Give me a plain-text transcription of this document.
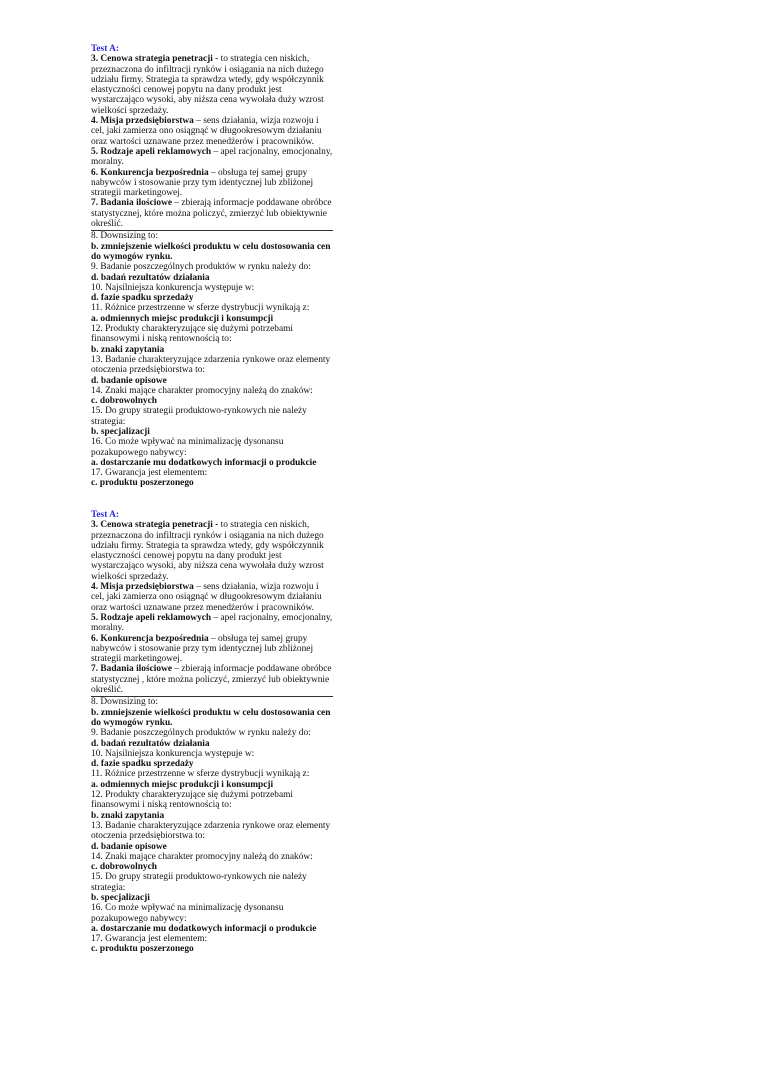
Test A:

3. Cenowa strategia penetracji - to strategia cen niskich, przeznaczona do infiltracji rynków i osiągania na nich dużego udziału firmy. Strategia ta sprawdza wtedy, gdy współczynnik elastyczności cenowej popytu na dany produkt jest wystarczająco wysoki, aby niższa cena wywołała duży wzrost wielkości sprzedaży.

4. Misja przedsiębiorstwa – sens działania, wizja rozwoju i cel, jaki zamierza ono osiągnąć w długookresowym działaniu oraz wartości uznawane przez menedżerów i pracowników.

5. Rodzaje apeli reklamowych – apel racjonalny, emocjonalny, moralny.

6. Konkurencja bezpośrednia – obsługa tej samej grupy nabywców i stosowanie przy tym identycznej lub zbliżonej strategii marketingowej.

7. Badania ilościowe – zbierają informacje poddawane obróbce statystycznej, które można policzyć, zmierzyć lub obiektywnie określić.

8. Downsizing to:

b. zmniejszenie wielkości produktu w celu dostosowania cen do wymogów rynku.

9. Badanie poszczególnych produktów w rynku należy do:

d. badań rezultatów działania

10. Najsilniejsza konkurencja występuje w:

d. fazie spadku sprzedaży

11. Różnice przestrzenne w sferze dystrybucji wynikają z:

a. odmiennych miejsc produkcji i konsumpcji

12. Produkty charakteryzujące się dużymi potrzebami finansowymi i niską rentownością to:

b. znaki zapytania

13. Badanie charakteryzujące zdarzenia rynkowe oraz elementy otoczenia przedsiębiorstwa to:

d. badanie opisowe

14. Znaki mające charakter promocyjny należą do znaków:

c. dobrowolnych

15. Do grupy strategii produktowo-rynkowych nie należy strategia:

b. specjalizacji

16. Co może wpływać na minimalizację dysonansu pozakupowego nabywcy:

a. dostarczanie mu dodatkowych informacji o produkcie

17. Gwarancja jest elementem:

c. produktu poszerzonego

Test A:

3. Cenowa strategia penetracji - to strategia cen niskich, przeznaczona do infiltracji rynków i osiągania na nich dużego udziału firmy. Strategia ta sprawdza wtedy, gdy współczynnik elastyczności cenowej popytu na dany produkt jest wystarczająco wysoki, aby niższa cena wywołała duży wzrost wielkości sprzedaży.

4. Misja przedsiębiorstwa – sens działania, wizja rozwoju i cel, jaki zamierza ono osiągnąć w długookresowym działaniu oraz wartości uznawane przez menedżerów i pracowników.

5. Rodzaje apeli reklamowych – apel racjonalny, emocjonalny, moralny.

6. Konkurencja bezpośrednia – obsługa tej samej grupy nabywców i stosowanie przy tym identycznej lub zbliżonej strategii marketingowej.

7. Badania ilościowe – zbierają informacje poddawane obróbce statystycznej , które można policzyć, zmierzyć lub obiektywnie określić.

8. Downsizing to:

b. zmniejszenie wielkości produktu w celu dostosowania cen do wymogów rynku.

9. Badanie poszczególnych produktów w rynku należy do:

d. badań rezultatów działania

10. Najsilniejsza konkurencja występuje w:

d. fazie spadku sprzedaży

11. Różnice przestrzenne w sferze dystrybucji wynikają z:

a. odmiennych miejsc produkcji i konsumpcji

12. Produkty charakteryzujące się dużymi potrzebami finansowymi i niską rentownością to:

b. znaki zapytania

13. Badanie charakteryzujące zdarzenia rynkowe oraz elementy otoczenia przedsiębiorstwa to:

d. badanie opisowe

14. Znaki mające charakter promocyjny należą do znaków:

c. dobrowolnych

15. Do grupy strategii produktowo-rynkowych nie należy strategia:

b. specjalizacji

16. Co może wpływać na minimalizację dysonansu pozakupowego nabywcy:

a. dostarczanie mu dodatkowych informacji o produkcie

17. Gwarancja jest elementem:

c. produktu poszerzonego
